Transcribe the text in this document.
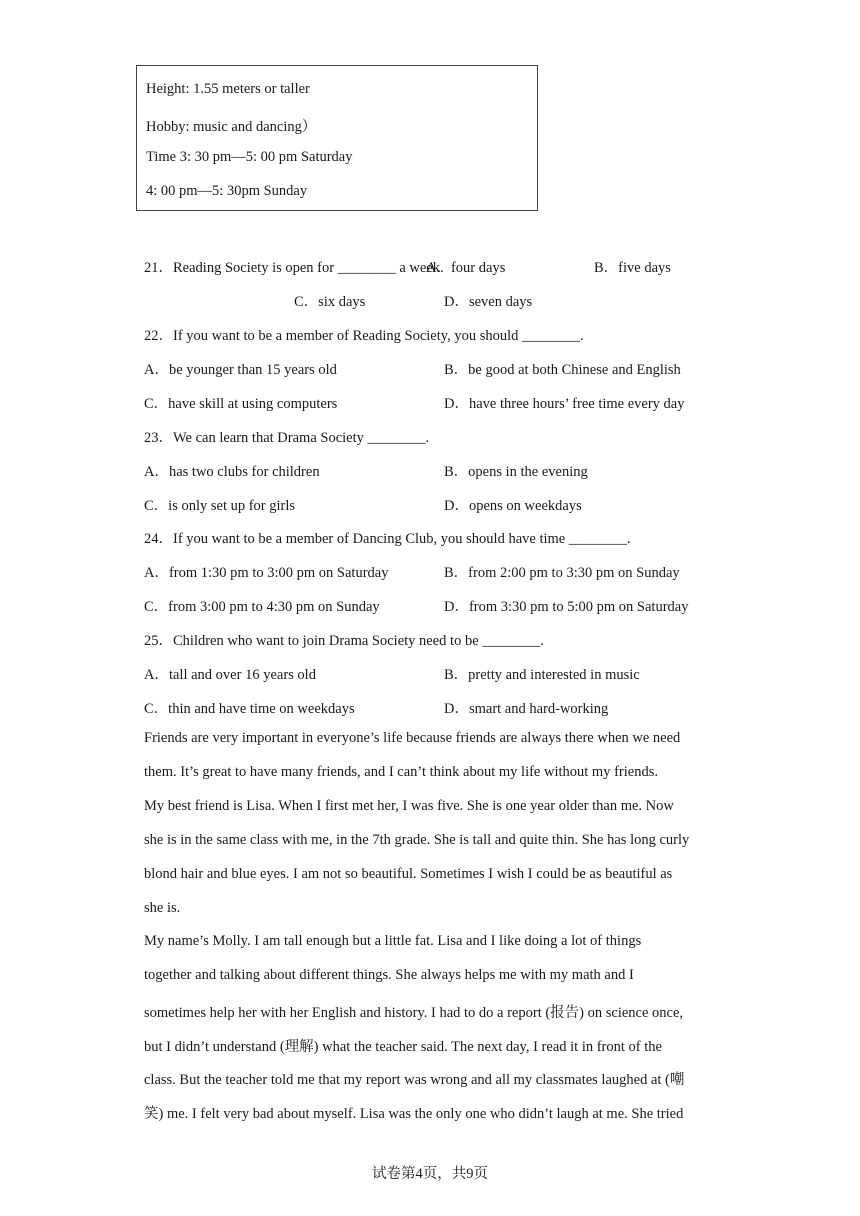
Height: 1.55 meters or taller
Hobby: music and dancing）
Time 3: 30 pm—5: 00 pm Saturday
4: 00 pm—5: 30pm Sunday
21．Reading Society is open for ________ a week.
A．four days	B．five days
C．six days	D．seven days
22．If you want to be a member of Reading Society, you should ________.
A．be younger than 15 years old	B．be good at both Chinese and English
C．have skill at using computers	D．have three hours’ free time every day
23．We can learn that Drama Society ________.
A．has two clubs for children	B．opens in the evening
C．is only set up for girls	D．opens on weekdays
24．If you want to be a member of Dancing Club, you should have time ________.
A．from 1:30 pm to 3:00 pm on Saturday	B．from 2:00 pm to 3:30 pm on Sunday
C．from 3:00 pm to 4:30 pm on Sunday	D．from 3:30 pm to 5:00 pm on Saturday
25．Children who want to join Drama Society need to be ________.
A．tall and over 16 years old	B．pretty and interested in music
C．thin and have time on weekdays	D．smart and hard-working
Friends are very important in everyone’s life because friends are always there when we need
them. It’s great to have many friends, and I can’t think about my life without my friends.
My best friend is Lisa. When I first met her, I was five. She is one year older than me. Now
she is in the same class with me, in the 7th grade. She is tall and quite thin. She has long curly
blond hair and blue eyes. I am not so beautiful. Sometimes I wish I could be as beautiful as
she is.
My name’s Molly. I am tall enough but a little fat. Lisa and I like doing a lot of things
together and talking about different things. She always helps me with my math and I
sometimes help her with her English and history. I had to do a report (报告) on science once,
but I didn’t understand (理解) what the teacher said. The next day, I read it in front of the
class. But the teacher told me that my report was wrong and all my classmates laughed at (嘲
笑) me. I felt very bad about myself. Lisa was the only one who didn’t laugh at me. She tried
试卷第4页，共9页
